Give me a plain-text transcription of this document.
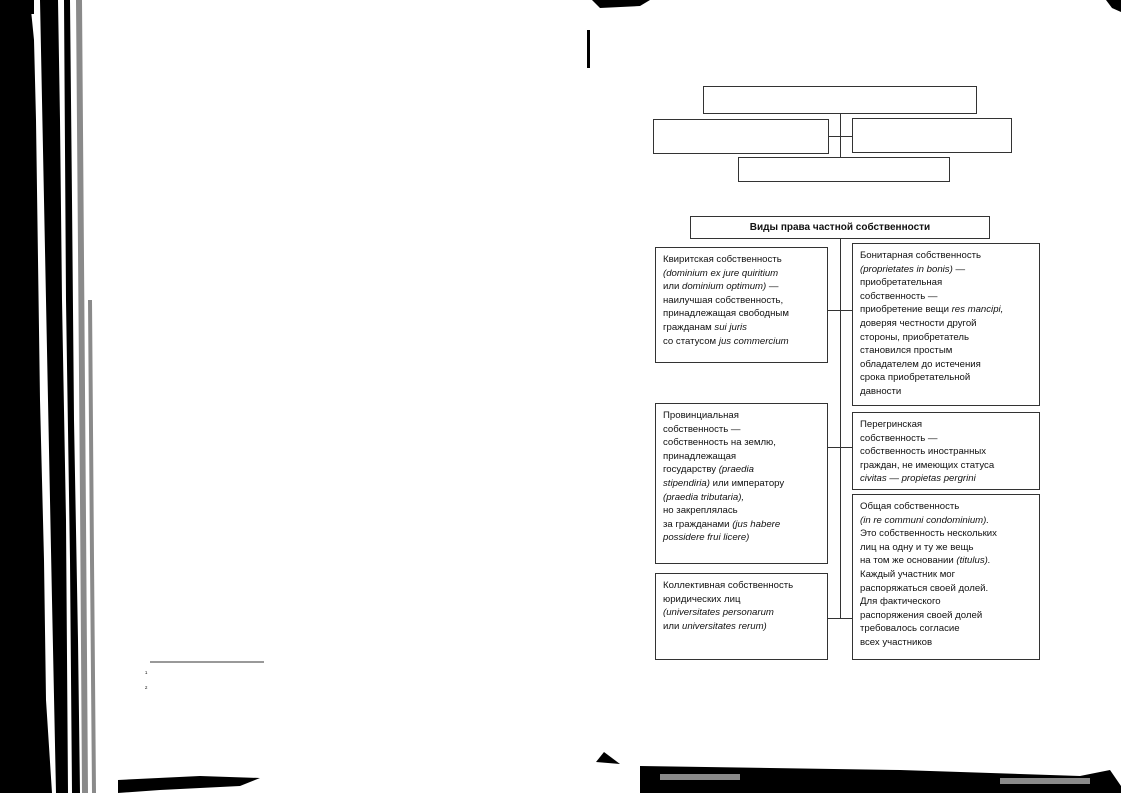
¹
²
Виды права частной собственности
Квиритская собственность
(dominium ex jure quiritium
или dominium optimum) —
наилучшая собственность,
принадлежащая свободным
гражданам sui juris
со статусом jus commercium
Бонитарная собственность
(proprietates in bonis) —
приобретательная
собственность —
приобретение вещи res mancipi,
доверяя честности другой
стороны, приобретатель
становился простым
обладателем до истечения
срока приобретательной
давности
Провинциальная
собственность —
собственность на землю,
принадлежащая
государству (praedia
stipendiria) или императору
(praedia tributaria),
но закреплялась
за гражданами (jus habere
possidere frui licere)
Перегринская
собственность —
собственность иностранных
граждан, не имеющих статуса
civitas — propietas pergrini
Коллективная собственность
юридических лиц
(universitates personarum
или universitates rerum)
Общая собственность
(in re communi condominium).
Это собственность нескольких
лиц на одну и ту же вещь
на том же основании (titulus).
Каждый участник мог
распоряжаться своей долей.
Для фактического
распоряжения своей долей
требовалось согласие
всех участников
